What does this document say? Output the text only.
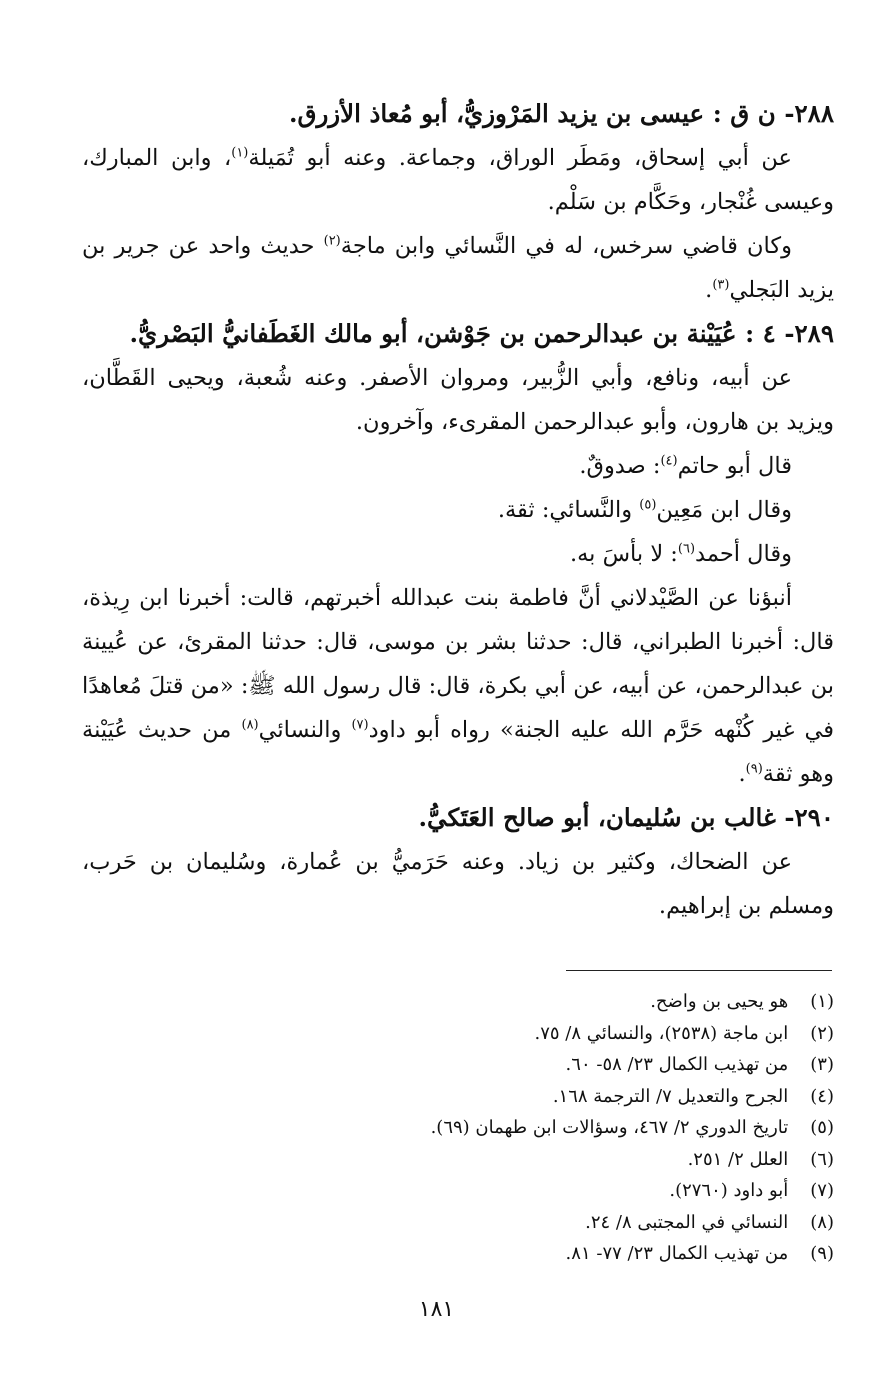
٢٨٨- ن ق : عيسى بن يزيد المَرْوزيُّ، أبو مُعاذ الأزرق.

عن أبي إسحاق، ومَطَر الوراق، وجماعة. وعنه أبو تُمَيلة$^{(١)}$، وابن المبارك، وعيسى غُنْجار، وحَكَّام بن سَلْم.

وكان قاضي سرخس، له في النَّسائي وابن ماجة$^{(٢)}$ حديث واحد عن جرير بن يزيد البَجلي$^{(٣)}$.

٢٨٩- ٤ : عُيَيْنة بن عبدالرحمن بن جَوْشن، أبو مالك الغَطَفانيُّ البَصْريُّ.

عن أبيه، ونافع، وأبي الزُّبير، ومروان الأصفر. وعنه شُعبة، ويحيى القَطَّان، ويزيد بن هارون، وأبو عبدالرحمن المقرىء، وآخرون.

قال أبو حاتم$^{(٤)}$: صدوقٌ.

وقال ابن مَعِين$^{(٥)}$ والنَّسائي: ثقة.

وقال أحمد$^{(٦)}$: لا بأسَ به.

أنبؤنا عن الصَّيْدلاني أنَّ فاطمة بنت عبدالله أخبرتهم، قالت: أخبرنا ابن رِيذة، قال: أخبرنا الطبراني، قال: حدثنا بشر بن موسى، قال: حدثنا المقرئ، عن عُيينة بن عبدالرحمن، عن أبيه، عن أبي بكرة، قال: قال رسول الله ﷺ: «من قتلَ مُعاهدًا في غير كُنْهه حَرَّم الله عليه الجنة» رواه أبو داود$^{(٧)}$ والنسائي$^{(٨)}$ من حديث عُيَيْنة وهو ثقة$^{(٩)}$.

٢٩٠- غالب بن سُليمان، أبو صالح العَتَكيُّ.

عن الضحاك، وكثير بن زياد. وعنه حَرَميُّ بن عُمارة، وسُليمان بن حَرب، ومسلم بن إبراهيم.

(١) هو يحيى بن واضح.

(٢) ابن ماجة (٢٥٣٨)، والنسائي ٨/ ٧٥.

(٣) من تهذيب الكمال ٢٣/ ٥٨- ٦٠.

(٤) الجرح والتعديل ٧/ الترجمة ١٦٨.

(٥) تاريخ الدوري ٢/ ٤٦٧، وسؤالات ابن طهمان (٦٩).

(٦) العلل ٢/ ٢٥١.

(٧) أبو داود (٢٧٦٠).

(٨) النسائي في المجتبى ٨/ ٢٤.

(٩) من تهذيب الكمال ٢٣/ ٧٧- ٨١.

١٨١
